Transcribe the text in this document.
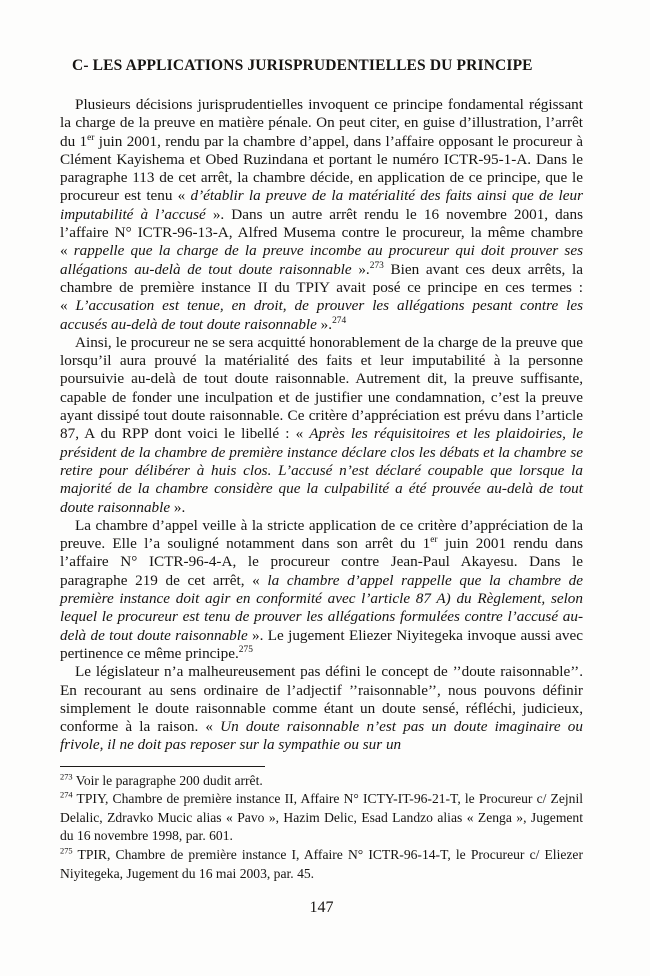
C- LES APPLICATIONS JURISPRUDENTIELLES DU PRINCIPE

Plusieurs décisions jurisprudentielles invoquent ce principe fondamental régissant la charge de la preuve en matière pénale. On peut citer, en guise d’illustration, l’arrêt du 1er juin 2001, rendu par la chambre d’appel, dans l’affaire opposant le procureur à Clément Kayishema et Obed Ruzindana et portant le numéro ICTR-95-1-A. Dans le paragraphe 113 de cet arrêt, la chambre décide, en application de ce principe, que le procureur est tenu « d’établir la preuve de la matérialité des faits ainsi que de leur imputabilité à l’accusé ». Dans un autre arrêt rendu le 16 novembre 2001, dans l’affaire N° ICTR-96-13-A, Alfred Musema contre le procureur, la même chambre « rappelle que la charge de la preuve incombe au procureur qui doit prouver ses allégations au-delà de tout doute raisonnable ».$^{273}$ Bien avant ces deux arrêts, la chambre de première instance II du TPIY avait posé ce principe en ces termes : « L’accusation est tenue, en droit, de prouver les allégations pesant contre les accusés au-delà de tout doute raisonnable ».$^{274}$

Ainsi, le procureur ne se sera acquitté honorablement de la charge de la preuve que lorsqu’il aura prouvé la matérialité des faits et leur imputabilité à la personne poursuivie au-delà de tout doute raisonnable. Autrement dit, la preuve suffisante, capable de fonder une inculpation et de justifier une condamnation, c’est la preuve ayant dissipé tout doute raisonnable. Ce critère d’appréciation est prévu dans l’article 87, A du RPP dont voici le libellé : « Après les réquisitoires et les plaidoiries, le président de la chambre de première instance déclare clos les débats et la chambre se retire pour délibérer à huis clos. L’accusé n’est déclaré coupable que lorsque la majorité de la chambre considère que la culpabilité a été prouvée au-delà de tout doute raisonnable ».

La chambre d’appel veille à la stricte application de ce critère d’appréciation de la preuve. Elle l’a souligné notamment dans son arrêt du 1er juin 2001 rendu dans l’affaire N° ICTR-96-4-A, le procureur contre Jean-Paul Akayesu. Dans le paragraphe 219 de cet arrêt, « la chambre d’appel rappelle que la chambre de première instance doit agir en conformité avec l’article 87 A) du Règlement, selon lequel le procureur est tenu de prouver les allégations formulées contre l’accusé au-delà de tout doute raisonnable ». Le jugement Eliezer Niyitegeka invoque aussi avec pertinence ce même principe.$^{275}$

Le législateur n’a malheureusement pas défini le concept de ’’doute raisonnable’’. En recourant au sens ordinaire de l’adjectif ’’raisonnable’’, nous pouvons définir simplement le doute raisonnable comme étant un doute sensé, réfléchi, judicieux, conforme à la raison. « Un doute raisonnable n’est pas un doute imaginaire ou frivole, il ne doit pas reposer sur la sympathie ou sur un

$^{273}$ Voir le paragraphe 200 dudit arrêt.
$^{274}$ TPIY, Chambre de première instance II, Affaire N° ICTY-IT-96-21-T, le Procureur c/ Zejnil Delalic, Zdravko Mucic alias « Pavo », Hazim Delic, Esad Landzo alias « Zenga », Jugement du 16 novembre 1998, par. 601.
$^{275}$ TPIR, Chambre de première instance I, Affaire N° ICTR-96-14-T, le Procureur c/ Eliezer Niyitegeka, Jugement du 16 mai 2003, par. 45.
147
